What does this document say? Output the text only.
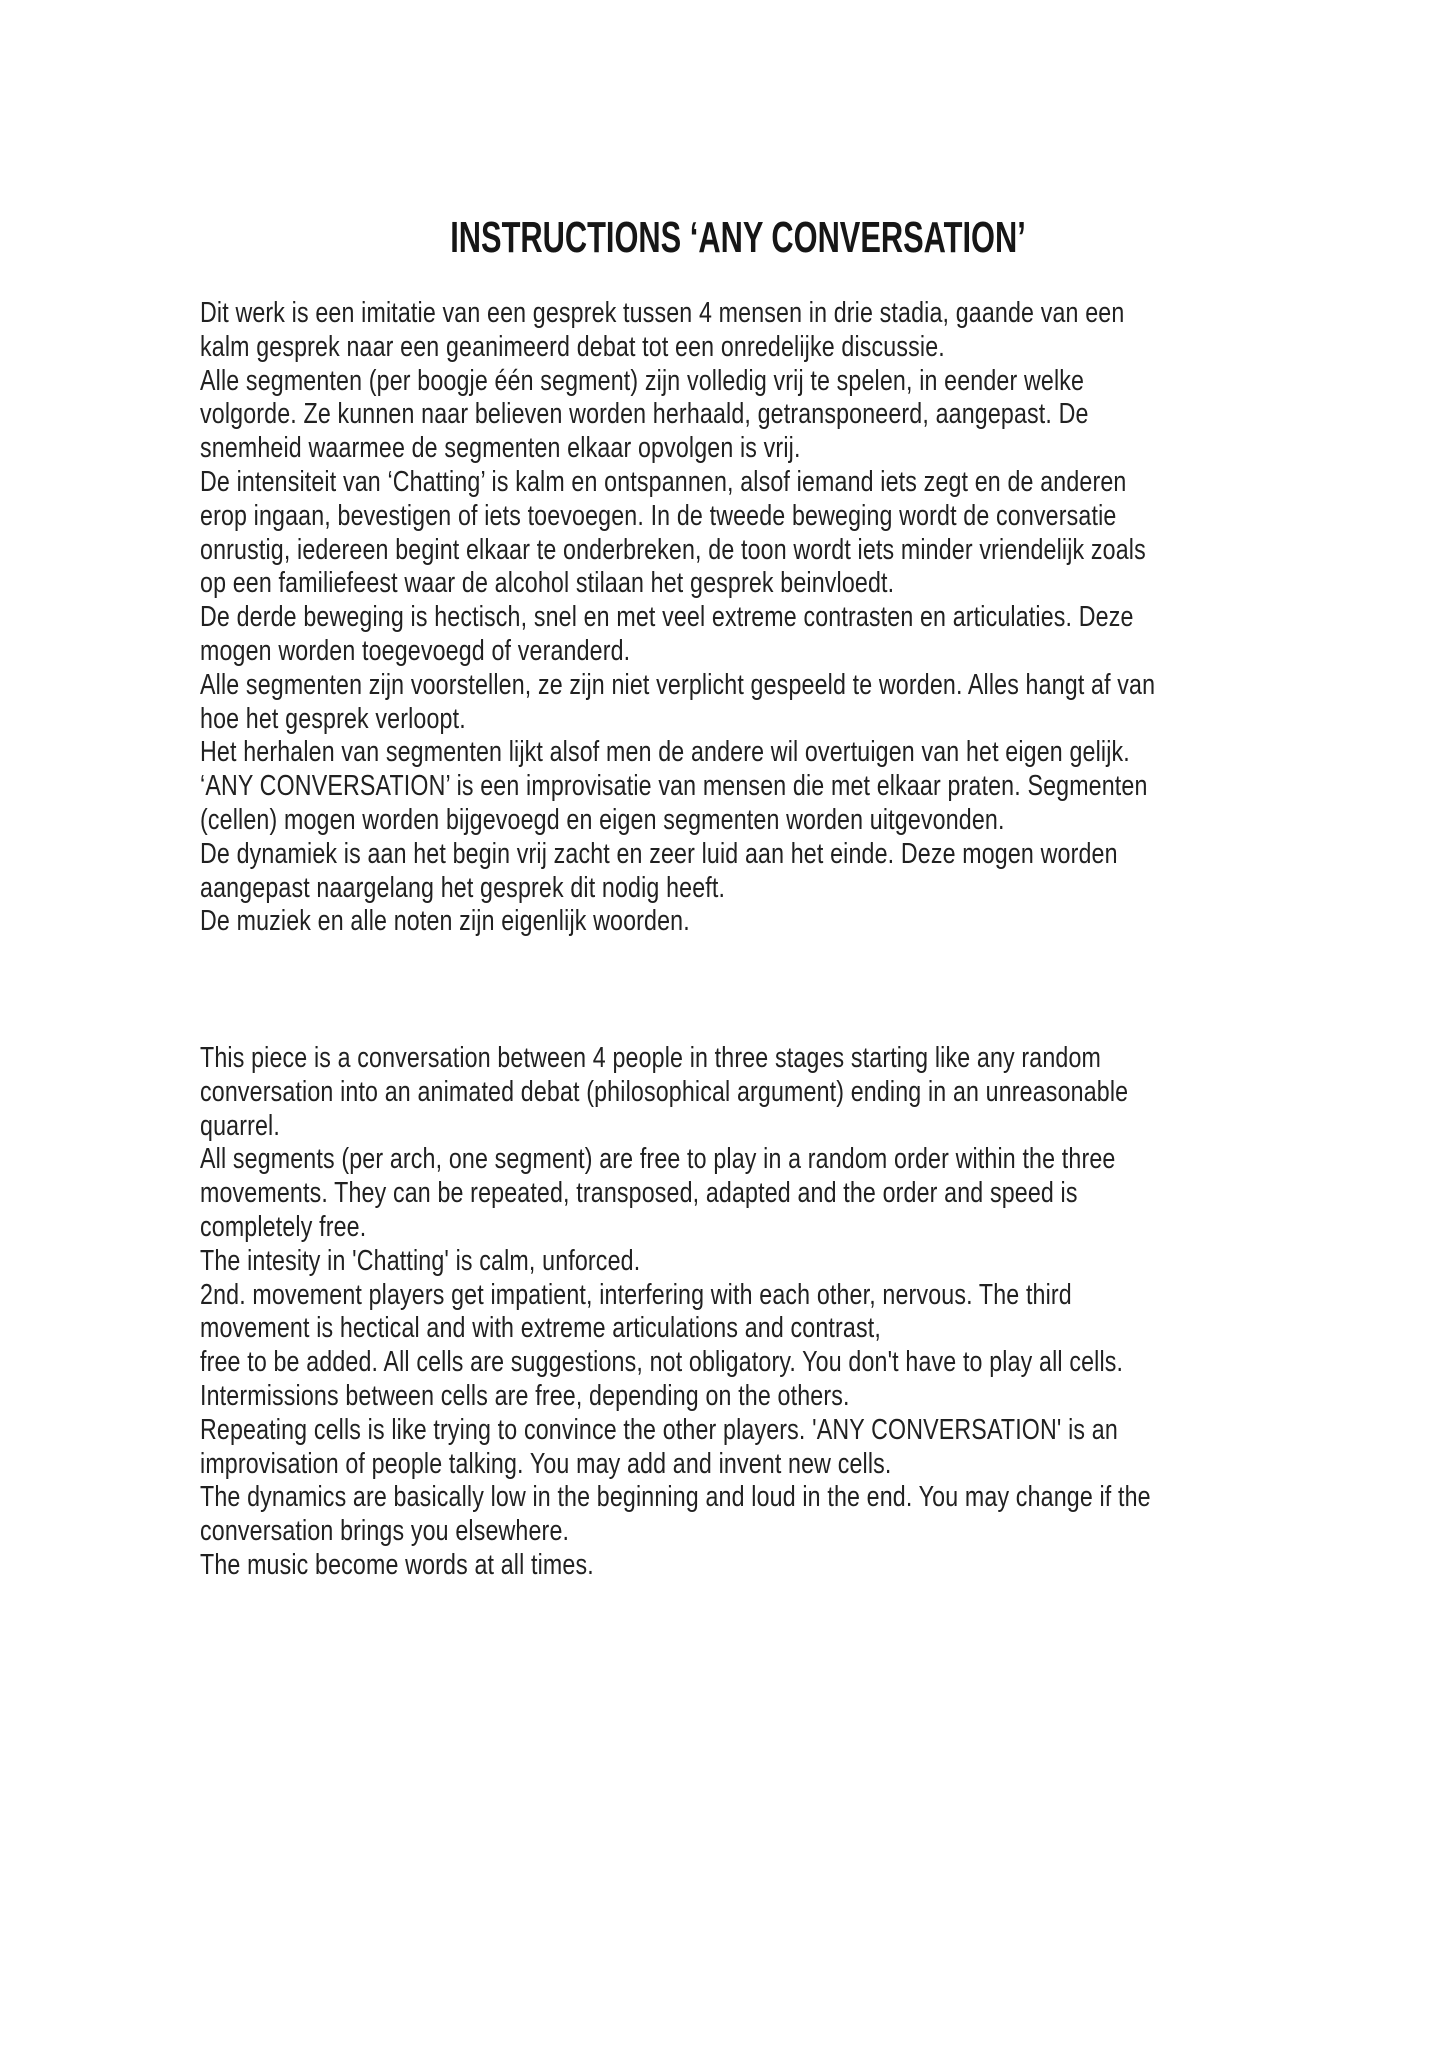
INSTRUCTIONS ‘ANY CONVERSATION’
Dit werk is een imitatie van een gesprek tussen 4 mensen in drie stadia, gaande van een
kalm gesprek naar een geanimeerd debat tot een onredelijke discussie.
Alle segmenten (per boogje één segment) zijn volledig vrij te spelen, in eender welke
volgorde. Ze kunnen naar believen worden herhaald, getransponeerd, aangepast. De
snemheid waarmee de segmenten elkaar opvolgen is vrij.
De intensiteit van ‘Chatting’ is kalm en ontspannen, alsof iemand iets zegt en de anderen
erop ingaan, bevestigen of iets toevoegen. In de tweede beweging wordt de conversatie
onrustig, iedereen begint elkaar te onderbreken, de toon wordt iets minder vriendelijk zoals
op een familiefeest waar de alcohol stilaan het gesprek beinvloedt.
De derde beweging is hectisch, snel en met veel extreme contrasten en articulaties. Deze
mogen worden toegevoegd of veranderd.
Alle segmenten zijn voorstellen, ze zijn niet verplicht gespeeld te worden. Alles hangt af van
hoe het gesprek verloopt.
Het herhalen van segmenten lijkt alsof men de andere wil overtuigen van het eigen gelijk.
‘ANY CONVERSATION’ is een improvisatie van mensen die met elkaar praten. Segmenten
(cellen) mogen worden bijgevoegd en eigen segmenten worden uitgevonden.
De dynamiek is aan het begin vrij zacht en zeer luid aan het einde. Deze mogen worden
aangepast naargelang het gesprek dit nodig heeft.
De muziek en alle noten zijn eigenlijk woorden.
This piece is a conversation between 4 people in three stages starting like any random
conversation into an animated debat (philosophical argument) ending in an unreasonable
quarrel.
All segments (per arch, one segment) are free to play in a random order within the three
movements. They can be repeated, transposed, adapted and the order and speed is
completely free.
The intesity in 'Chatting' is calm, unforced.
2nd. movement players get impatient, interfering with each other, nervous. The third
movement is hectical and with extreme articulations and contrast,
free to be added. All cells are suggestions, not obligatory. You don't have to play all cells.
Intermissions between cells are free, depending on the others.
Repeating cells is like trying to convince the other players. 'ANY CONVERSATION' is an
improvisation of people talking. You may add and invent new cells.
The dynamics are basically low in the beginning and loud in the end. You may change if the
conversation brings you elsewhere.
The music become words at all times.
